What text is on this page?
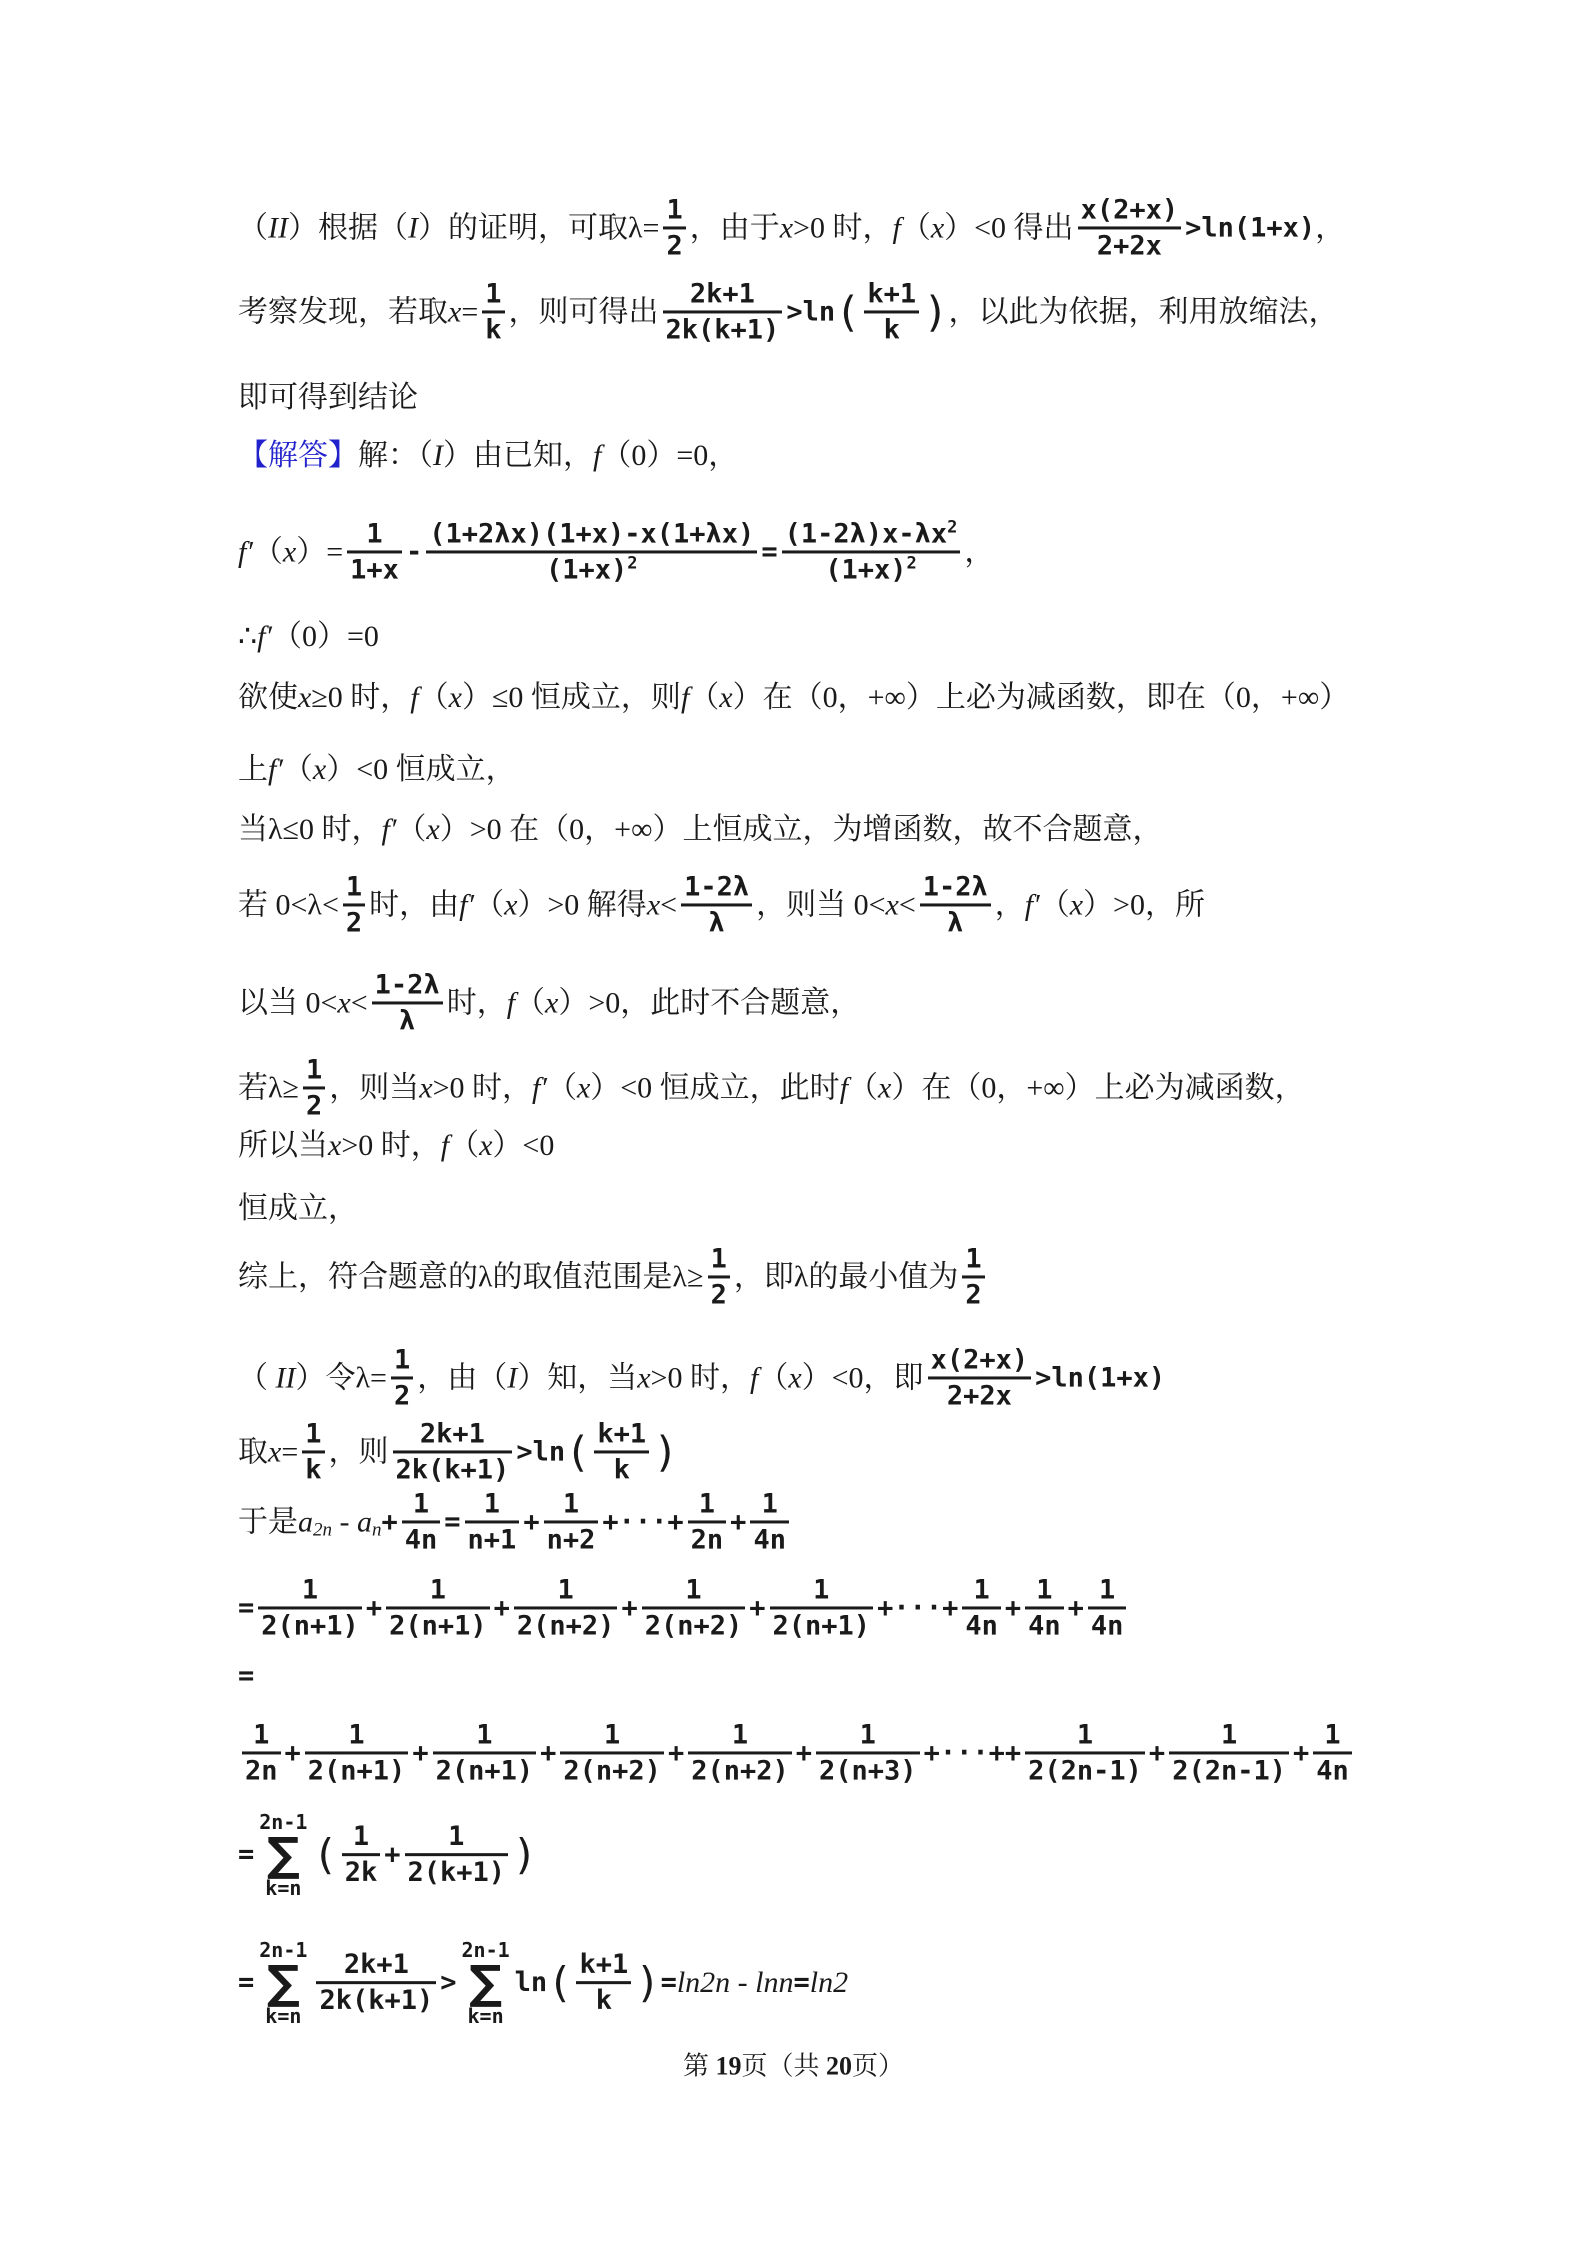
（ II ）根据（ I ）的证明，可取$\lambda= \frac{1}{2}$ ，由于 x >0 时， f （ x ）<0 得出 $\frac{x(2+x)}{2+2x} >\ln(1+x)$ ，
考察发现，若取 $x = \frac{1}{k}$ ，则可得出 $\frac{2k+1}{2k(k+1)} >\ln$ ( $\frac{k+1}{k}$ ) ，以此为依据，利用放缩法，
即可得到结论
【解答】 解：（ I ）由已知， f （0）=0，
f′ （ x ）= $\frac{1}{1+x} - \frac{(1+2\lambda x)(1+x)-x(1+\lambda x)}{(1+x) 2} = \frac{(1-2\lambda)x-\lambda x 2}{(1+x) 2}$ ，
∴ f′ （0）=0
欲使 x ≥0 时， f （ x ）≤0 恒成立，则 f （ x ）在（0，+∞）上必为减函数，即在（0，+∞）
上 f′ （ x ）<0 恒成立，
当λ≤0 时， f′ （ x ）>0 在（0，+∞）上恒成立，为增函数，故不合题意，
若 $0<\lambda< \frac{1}{2}$ 时，由 f′ （ x ）>0 解得 $x < \frac{1-2\lambda}{\lambda}$ ，则当 $0< x < \frac{1-2\lambda}{\lambda}$ ， f′ （ x ）>0，所
以当 $0< x < \frac{1-2\lambda}{\lambda}$ 时， f （ x ）>0，此时不合题意，
若$\lambda\ge \frac{1}{2}$ ，则当 x >0 时， f′ （ x ）<0 恒成立，此时 f （ x ）在（0，+∞）上必为减函数，
所以当 x >0 时， f （ x ）<0
恒成立，
综上，符合题意的λ的取值范围是$\lambda\ge \frac{1}{2}$ ，即λ的最小值为 $\frac{1}{2}$
（ II ）令$\lambda= \frac{1}{2}$ ，由（ I ）知，当 x >0 时， f （ x ）<0，即 $\frac{x(2+x)}{2+2x} >\ln(1+x)$
取 $x = \frac{1}{k}$ ，则 $\frac{2k+1}{2k(k+1)} >\ln$ ( $\frac{k+1}{k}$ )
于是 a 2n - a $n + \frac{1}{4n} = \frac{1}{n+1} + \frac{1}{n+2}$ +···+ $\frac{1}{2n} + \frac{1}{4n}$
= $\frac{1}{2(n+1)} + \frac{1}{2(n+1)} + \frac{1}{2(n+2)} + \frac{1}{2(n+2)} + \frac{1}{2(n+1)}$ +···+ $\frac{1}{4n} + \frac{1}{4n} + \frac{1}{4n}$
=
$\frac{1}{2n} + \frac{1}{2(n+1)} + \frac{1}{2(n+1)} + \frac{1}{2(n+2)} + \frac{1}{2(n+2)} + \frac{1}{2(n+3)}$ +···++ $\frac{1}{2(2n-1)} + \frac{1}{2(2n-1)} + \frac{1}{4n}$
=
2n-1
∑
k=n
( $\frac{1}{2k} + \frac{1}{2(k+1)}$ )
=
2n-1
∑
$k=n \frac{2k+1}{2k(k+1)}$ >
2n-1
∑
k=n
ln ( $\frac{k+1}{k}$ ) = ln2n - lnn = ln2
第 19 页（共 20 页）
